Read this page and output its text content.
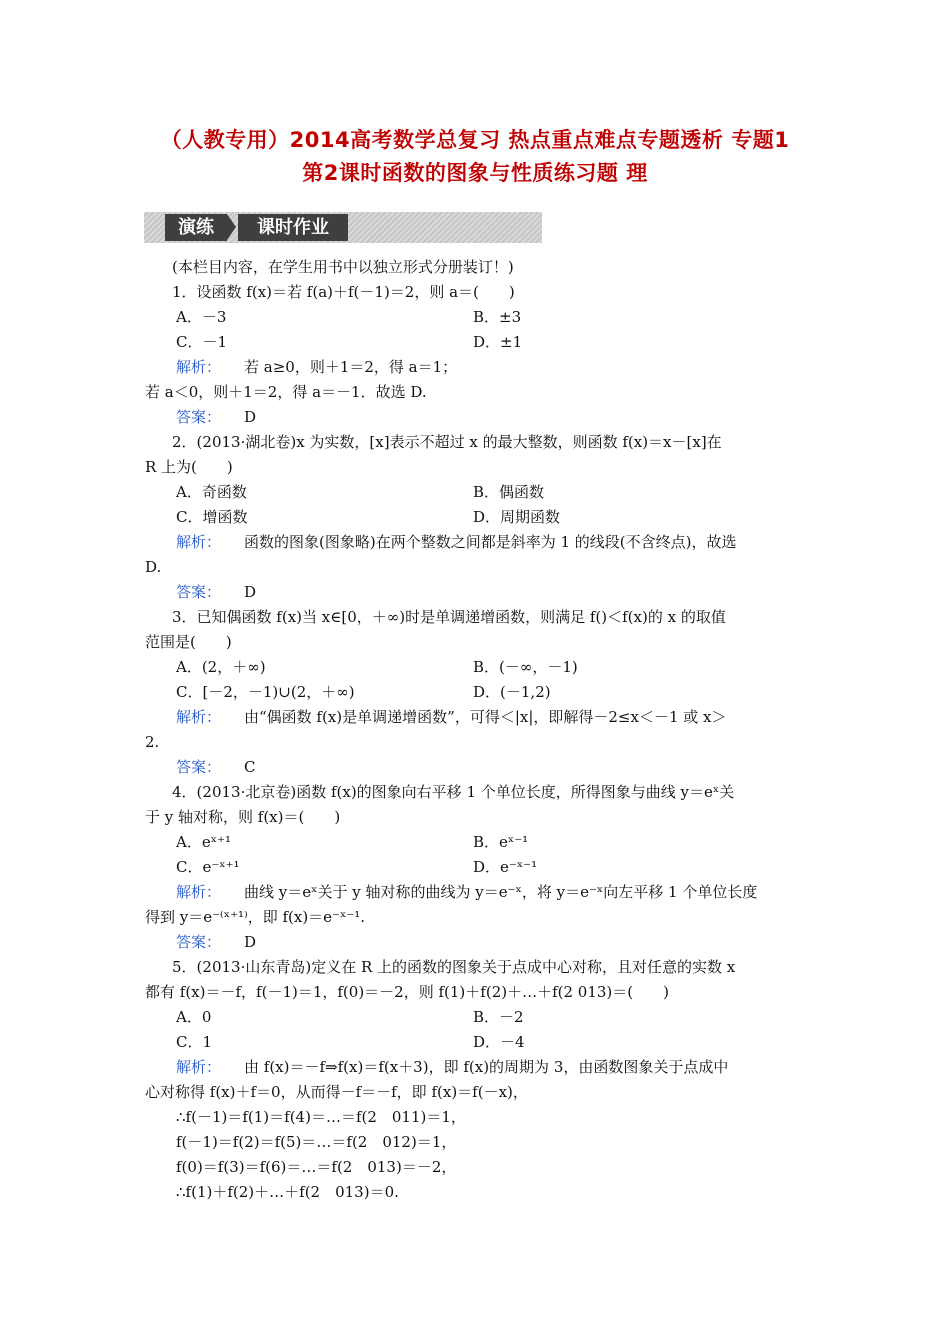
（人教专用）2014高考数学总复习 热点重点难点专题透析 专题1
第2课时函数的图象与性质练习题 理
演练	课时作业
(本栏目内容，在学生用书中以独立形式分册装订！)
1．设函数 f(x)＝若 f(a)＋f(－1)＝2，则 a＝(　　)
A．－3	B．±3
C．－1	D．±1
解析： 若 a≥0，则＋1＝2，得 a＝1；
若 a＜0，则＋1＝2，得 a＝－1．故选 D.
答案： D
2．(2013·湖北卷)x 为实数，[x]表示不超过 x 的最大整数，则函数 f(x)＝x－[x]在
R 上为(　　)
A．奇函数	B．偶函数
C．增函数	D．周期函数
解析： 函数的图象(图象略)在两个整数之间都是斜率为 1 的线段(不含终点)，故选
D.
答案： D
3．已知偶函数 f(x)当 x∈[0，＋∞)时是单调递增函数，则满足 f()＜f(x)的 x 的取值
范围是(　　)
A．(2，＋∞)	B．(－∞，－1)
C．[－2，－1)∪(2，＋∞)	D．(－1,2)
解析： 由“偶函数 f(x)是单调递增函数”，可得＜|x|，即解得－2≤x＜－1 或 x＞
2.
答案： C
4．(2013·北京卷)函数 f(x)的图象向右平移 1 个单位长度，所得图象与曲线 y＝eˣ关
于 y 轴对称，则 f(x)＝(　　)
A．eˣ⁺¹	B．eˣ⁻¹
C．e⁻ˣ⁺¹	D．e⁻ˣ⁻¹
解析： 曲线 y＝eˣ关于 y 轴对称的曲线为 y＝e⁻ˣ，将 y＝e⁻ˣ向左平移 1 个单位长度
得到 y＝e⁻⁽ˣ⁺¹⁾，即 f(x)＝e⁻ˣ⁻¹.
答案： D
5．(2013·山东青岛)定义在 R 上的函数的图象关于点成中心对称，且对任意的实数 x
都有 f(x)＝－f，f(－1)＝1，f(0)＝－2，则 f(1)＋f(2)＋…＋f(2 013)＝(　　)
A．0	B．－2
C．1	D．－4
解析： 由 f(x)＝－f⇒f(x)＝f(x＋3)，即 f(x)的周期为 3，由函数图象关于点成中
心对称得 f(x)＋f＝0，从而得－f＝－f，即 f(x)＝f(－x)，
∴f(－1)＝f(1)＝f(4)＝…＝f(2　011)＝1，
f(－1)＝f(2)＝f(5)＝…＝f(2　012)＝1，
f(0)＝f(3)＝f(6)＝…＝f(2　013)＝－2，
∴f(1)＋f(2)＋…＋f(2　013)＝0.
